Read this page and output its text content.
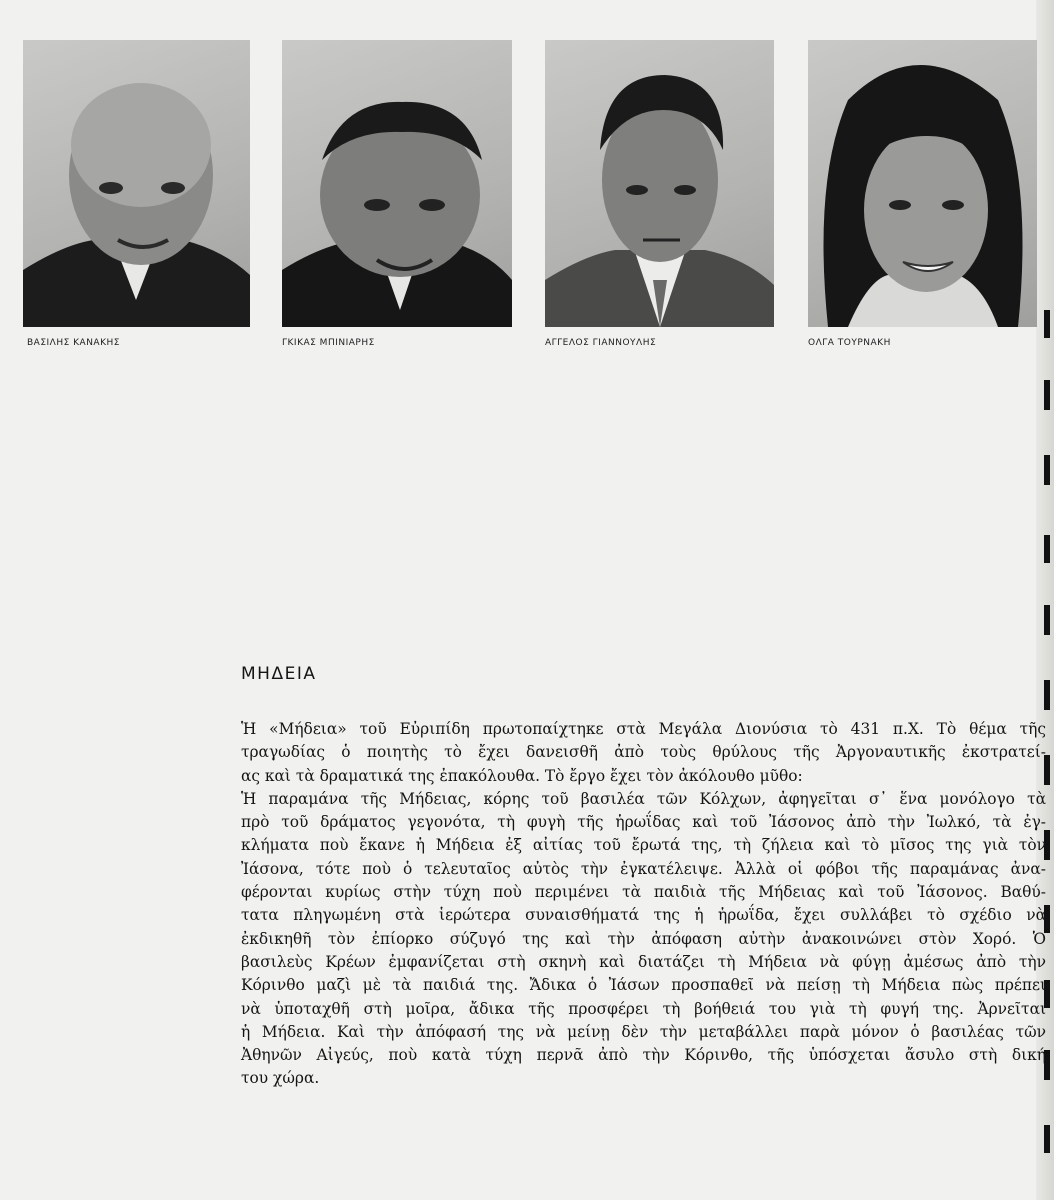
ΒΑΣΙΛΗΣ ΚΑΝΑΚΗΣ	ΓΚΙΚΑΣ ΜΠΙΝΙΑΡΗΣ	ΑΓΓΕΛΟΣ ΓΙΑΝΝΟΥΛΗΣ	ΟΛΓΑ ΤΟΥΡΝΑΚΗ
ΜΗΔΕΙΑ
Ἡ «Μήδεια» τοῦ Εὐριπίδη πρωτοπαίχτηκε στὰ Μεγάλα Διονύσια τὸ 431 π.Χ. Τὸ θέμα τῆς
τραγωδίας ὁ ποιητὴς τὸ ἔχει δανεισθῆ ἀπὸ τοὺς θρύλους τῆς Ἀργοναυτικῆς ἐκστρατεί-
ας καὶ τὰ δραματικά της ἐπακόλουθα. Τὸ ἔργο ἔχει τὸν ἀκόλουθο μῦθο:
Ἡ παραμάνα τῆς Μήδειας, κόρης τοῦ βασιλέα τῶν Κόλχων, ἀφηγεῖται σ᾿ ἕνα μονόλογο τὰ
πρὸ τοῦ δράματος γεγονότα, τὴ φυγὴ τῆς ἡρωΐδας καὶ τοῦ Ἰάσονος ἀπὸ τὴν Ἰωλκό, τὰ ἐγ-
κλήματα ποὺ ἔκανε ἡ Μήδεια ἐξ αἰτίας τοῦ ἔρωτά της, τὴ ζήλεια καὶ τὸ μῖσος της γιὰ τὸν
Ἰάσονα, τότε ποὺ ὁ τελευταῖος αὐτὸς τὴν ἐγκατέλειψε. Ἀλλὰ οἱ φόβοι τῆς παραμάνας ἀνα-
φέρονται κυρίως στὴν τύχη ποὺ περιμένει τὰ παιδιὰ τῆς Μήδειας καὶ τοῦ Ἰάσονος. Βαθύ-
τατα πληγωμένη στὰ ἱερώτερα συναισθήματά της ἡ ἡρωΐδα, ἔχει συλλάβει τὸ σχέδιο νὰ
ἐκδικηθῆ τὸν ἐπίορκο σύζυγό της καὶ τὴν ἀπόφαση αὐτὴν ἀνακοινώνει στὸν Χορό. Ὁ
βασιλεὺς Κρέων ἐμφανίζεται στὴ σκηνὴ καὶ διατάζει τὴ Μήδεια νὰ φύγῃ ἀμέσως ἀπὸ τὴν
Κόρινθο μαζὶ μὲ τὰ παιδιά της. Ἄδικα ὁ Ἰάσων προσπαθεῖ νὰ πείσῃ τὴ Μήδεια πὼς πρέπει
νὰ ὑποταχθῆ στὴ μοῖρα, ἄδικα τῆς προσφέρει τὴ βοήθειά του γιὰ τὴ φυγή της. Ἀρνεῖται
ἡ Μήδεια. Καὶ τὴν ἀπόφασή της νὰ μείνῃ δὲν τὴν μεταβάλλει παρὰ μόνον ὁ βασιλέας τῶν
Ἀθηνῶν Αἰγεύς, ποὺ κατὰ τύχη περνᾶ ἀπὸ τὴν Κόρινθο, τῆς ὑπόσχεται ἄσυλο στὴ δική
του χώρα.
